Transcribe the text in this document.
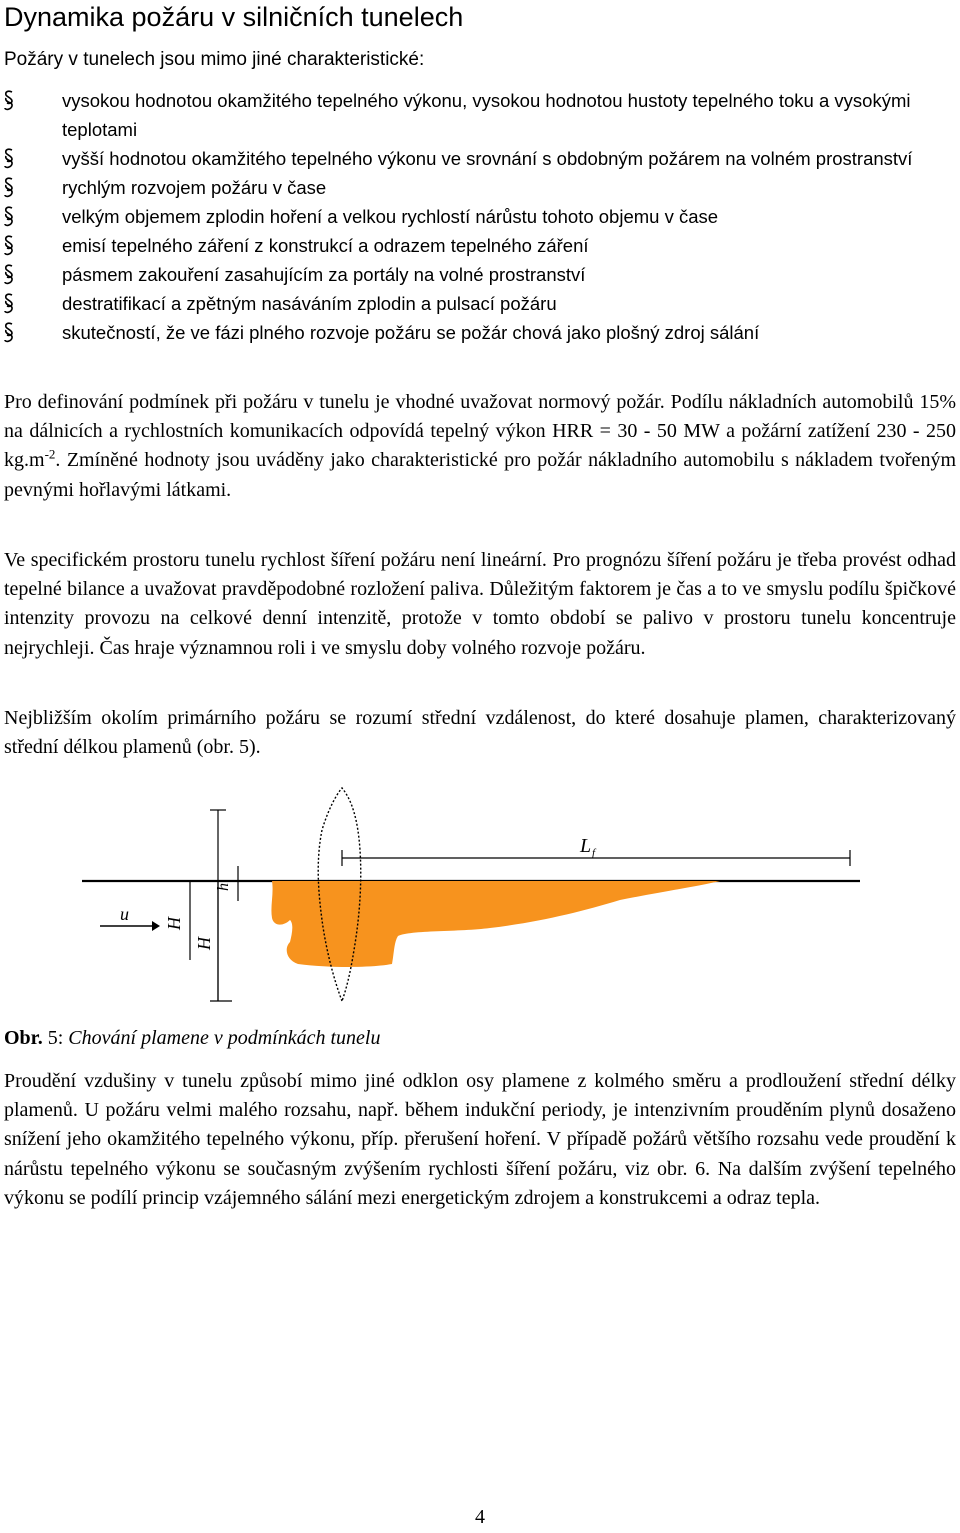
Dynamika požáru v silničních tunelech
Požáry v tunelech jsou mimo jiné charakteristické:
vysokou hodnotou okamžitého tepelného výkonu, vysokou hodnotou hustoty tepelného toku a vysokými teplotami
vyšší hodnotou okamžitého tepelného výkonu ve srovnání s obdobným požárem na volném prostranství
rychlým rozvojem požáru v čase
velkým objemem zplodin hoření a velkou rychlostí nárůstu tohoto objemu v čase
emisí tepelného záření z konstrukcí a odrazem tepelného záření
pásmem zakouření zasahujícím za portály na volné prostranství
destratifikací a zpětným nasáváním zplodin a pulsací požáru
skutečností, že ve fázi plného rozvoje požáru se požár chová jako plošný zdroj sálání
Pro definování podmínek při požáru v tunelu je vhodné uvažovat normový požár. Podílu nákladních automobilů 15% na dálnicích a rychlostních komunikacích odpovídá tepelný výkon HRR = 30 - 50 MW a požární zatížení 230 - 250 $kg.m^{-2}$. Zmíněné hodnoty jsou uváděny jako charakteristické pro požár nákladního automobilu s nákladem tvořeným pevnými hořlavými látkami.
Ve specifickém prostoru tunelu rychlost šíření požáru není lineární. Pro prognózu šíření požáru je třeba provést odhad tepelné bilance a uvažovat pravděpodobné rozložení paliva. Důležitým faktorem je čas a to ve smyslu podílu špičkové intenzity provozu na celkové denní intenzitě, protože v tomto období se palivo v prostoru tunelu koncentruje nejrychleji. Čas hraje významnou roli i ve smyslu doby volného rozvoje požáru.
Nejbližším okolím primárního požáru se rozumí střední vzdálenost, do které dosahuje plamen, charakterizovaný střední délkou plamenů (obr. 5).
u
L f
h
H
H
Obr. 5: Chování plamene v podmínkách tunelu
Proudění vzdušiny v tunelu způsobí mimo jiné odklon osy plamene z kolmého směru a prodloužení střední délky plamenů. U požáru velmi malého rozsahu, např. během indukční periody, je intenzivním prouděním plynů dosaženo snížení jeho okamžitého tepelného výkonu, příp. přerušení hoření. V případě požárů většího rozsahu vede proudění k nárůstu tepelného výkonu se současným zvýšením rychlosti šíření požáru, viz obr. 6. Na dalším zvýšení tepelného výkonu se podílí princip vzájemného sálání mezi energetickým zdrojem a konstrukcemi a odraz tepla.
4
